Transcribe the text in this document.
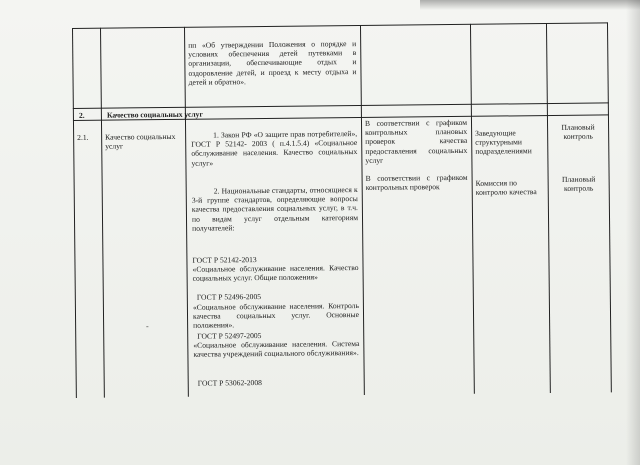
пп «Об утверждении Положения о порядке и условиях обеспечения детей путевками в организации, обеспечивающие отдых и оздоровление детей, и проезд к месту отдыха и детей и обратно».
2.	Качество социальных услуг
2.1.	Качество социальных услуг
1. Закон РФ «О защите прав потребителей», ГОСТ Р 52142- 2003 ( п.4.1.5.4) «Социальное обслуживание населения. Качество социальных услуг»
2. Национальные стандарты, относящиеся к 3-й группе стандартов, определяющие вопросы качества предоставления социальных услуг, в т.ч. по видам услуг отдельным категориям получателей:
ГОСТ Р 52142-2013
«Социальное обслуживание населения. Качество социальных услуг. Общие положения»
ГОСТ Р 52496-2005
«Социальное обслуживание населения. Контроль качества социальных услуг. Основные положения».
ГОСТ Р 52497-2005
«Социальное обслуживание населения. Система качества учреждений социального обслуживания».
ГОСТ Р 53062-2008
В соответствии с графиком контрольных плановых проверок качества предоставления социальных услуг
В соответствии с графиком контрольных проверок
Заведующие структурными подразделениями
Комиссия по контролю качества
Плановый контроль
Плановый контроль
-
